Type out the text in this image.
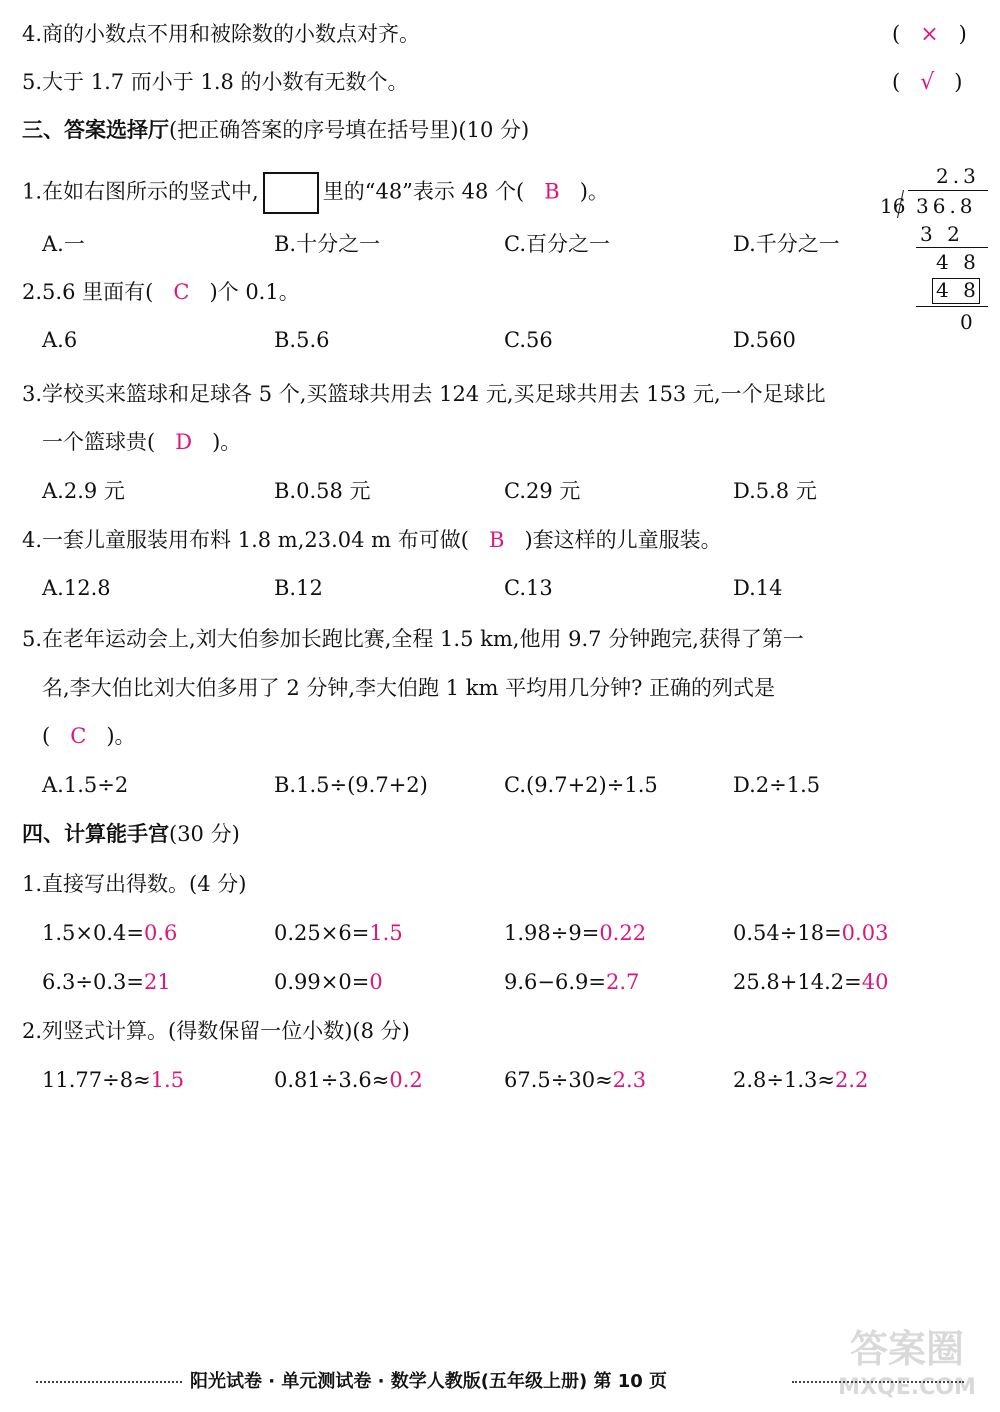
4.商的小数点不用和被除数的小数点对齐。	(   ×   )
5.大于 1.7 而小于 1.8 的小数有无数个。	(   √   )
三、答案选择厅(把正确答案的序号填在括号里)(10 分)
1.在如右图所示的竖式中,	里的“48”表示 48 个( B )。
A.一	B.十分之一	C.百分之一	D.千分之一
2.3
16 36.8
3 2
4 8
4 8
0
2.5.6 里面有( C )个 0.1。
A.6	B.5.6	C.56	D.560
3.学校买来篮球和足球各 5 个,买篮球共用去 124 元,买足球共用去 153 元,一个足球比
一个篮球贵( D )。
A.2.9 元	B.0.58 元	C.29 元	D.5.8 元
4.一套儿童服装用布料 1.8 m,23.04 m 布可做( B )套这样的儿童服装。
A.12.8	B.12	C.13	D.14
5.在老年运动会上,刘大伯参加长跑比赛,全程 1.5 km,他用 9.7 分钟跑完,获得了第一
名,李大伯比刘大伯多用了 2 分钟,李大伯跑 1 km 平均用几分钟? 正确的列式是
( C )。
A.1.5÷2	B.1.5÷(9.7+2)	C.(9.7+2)÷1.5	D.2÷1.5
四、计算能手宫(30 分)
1.直接写出得数。(4 分)
1.5×0.4=0.6	0.25×6=1.5	1.98÷9=0.22	0.54÷18=0.03
6.3÷0.3=21	0.99×0=0	9.6−6.9=2.7	25.8+14.2=40
2.列竖式计算。(得数保留一位小数)(8 分)
11.77÷8≈1.5	0.81÷3.6≈0.2	67.5÷30≈2.3	2.8÷1.3≈2.2
答案圈
MXQE.COM
阳光试卷 · 单元测试卷 · 数学人教版(五年级上册) 第 10 页
